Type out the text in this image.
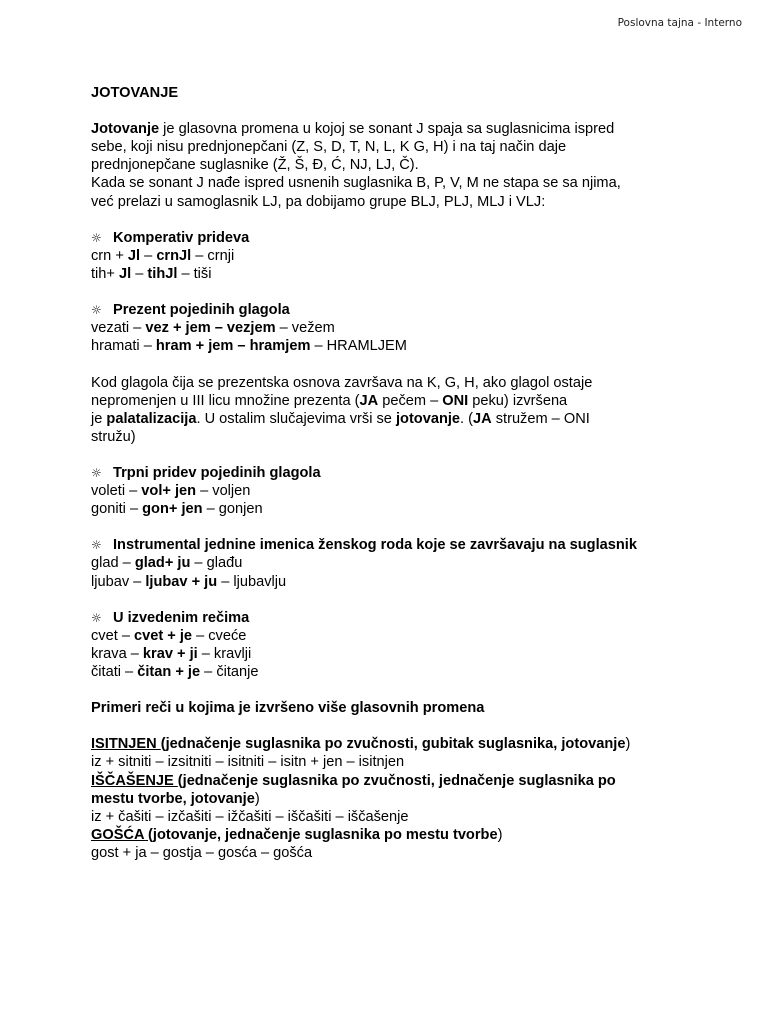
Poslovna tajna - Interno
JOTOVANJE
Jotovanje je glasovna promena u kojoj se sonant J spaja sa suglasnicima ispred
sebe, koji nisu prednjonepčani (Z, S, D, T, N, L, K G, H) i na taj način daje
prednjonepčane suglasnike (Ž, Š, Đ, Ć, NJ, LJ, Č).
Kada se sonant J nađe ispred usnenih suglasnika B, P, V, M ne stapa se sa njima,
već prelazi u samoglasnik LJ, pa dobijamo grupe BLJ, PLJ, MLJ i VLJ:
☼ Komperativ prideva
crn + Jl – crnJl – crnji
tih+ Jl – tihJl – tiši
☼ Prezent pojedinih glagola
vezati – vez + jem – vezjem – vežem
hramati – hram + jem – hramjem – HRAMLJEM
Kod glagola čija se prezentska osnova završava na K, G, H, ako glagol ostaje
nepromenjen u III licu množine prezenta (JA pečem – ONI peku) izvršena
je palatalizacija. U ostalim slučajevima vrši se jotovanje. (JA stružem – ONI
stružu)
☼ Trpni pridev pojedinih glagola
voleti – vol+ jen – voljen
goniti – gon+ jen – gonjen
☼ Instrumental jednine imenica ženskog roda koje se završavaju na suglasnik
glad – glad+ ju – glađu
ljubav – ljubav + ju – ljubavlju
☼ U izvedenim rečima
cvet – cvet + je – cveće
krava – krav + ji – kravlji
čitati – čitan + je – čitanje
Primeri reči u kojima je izvršeno više glasovnih promena
ISITNJEN (jednačenje suglasnika po zvučnosti, gubitak suglasnika, jotovanje)
iz + sitniti – izsitniti – isitniti – isitn + jen – isitnjen
IŠČAŠENJE (jednačenje suglasnika po zvučnosti, jednačenje suglasnika po
mestu tvorbe, jotovanje)
iz + čašiti – izčašiti – ižčašiti – iščašiti – iščašenje
GOŠĆA (jotovanje, jednačenje suglasnika po mestu tvorbe)
gost + ja – gostja – gosća – gošća
